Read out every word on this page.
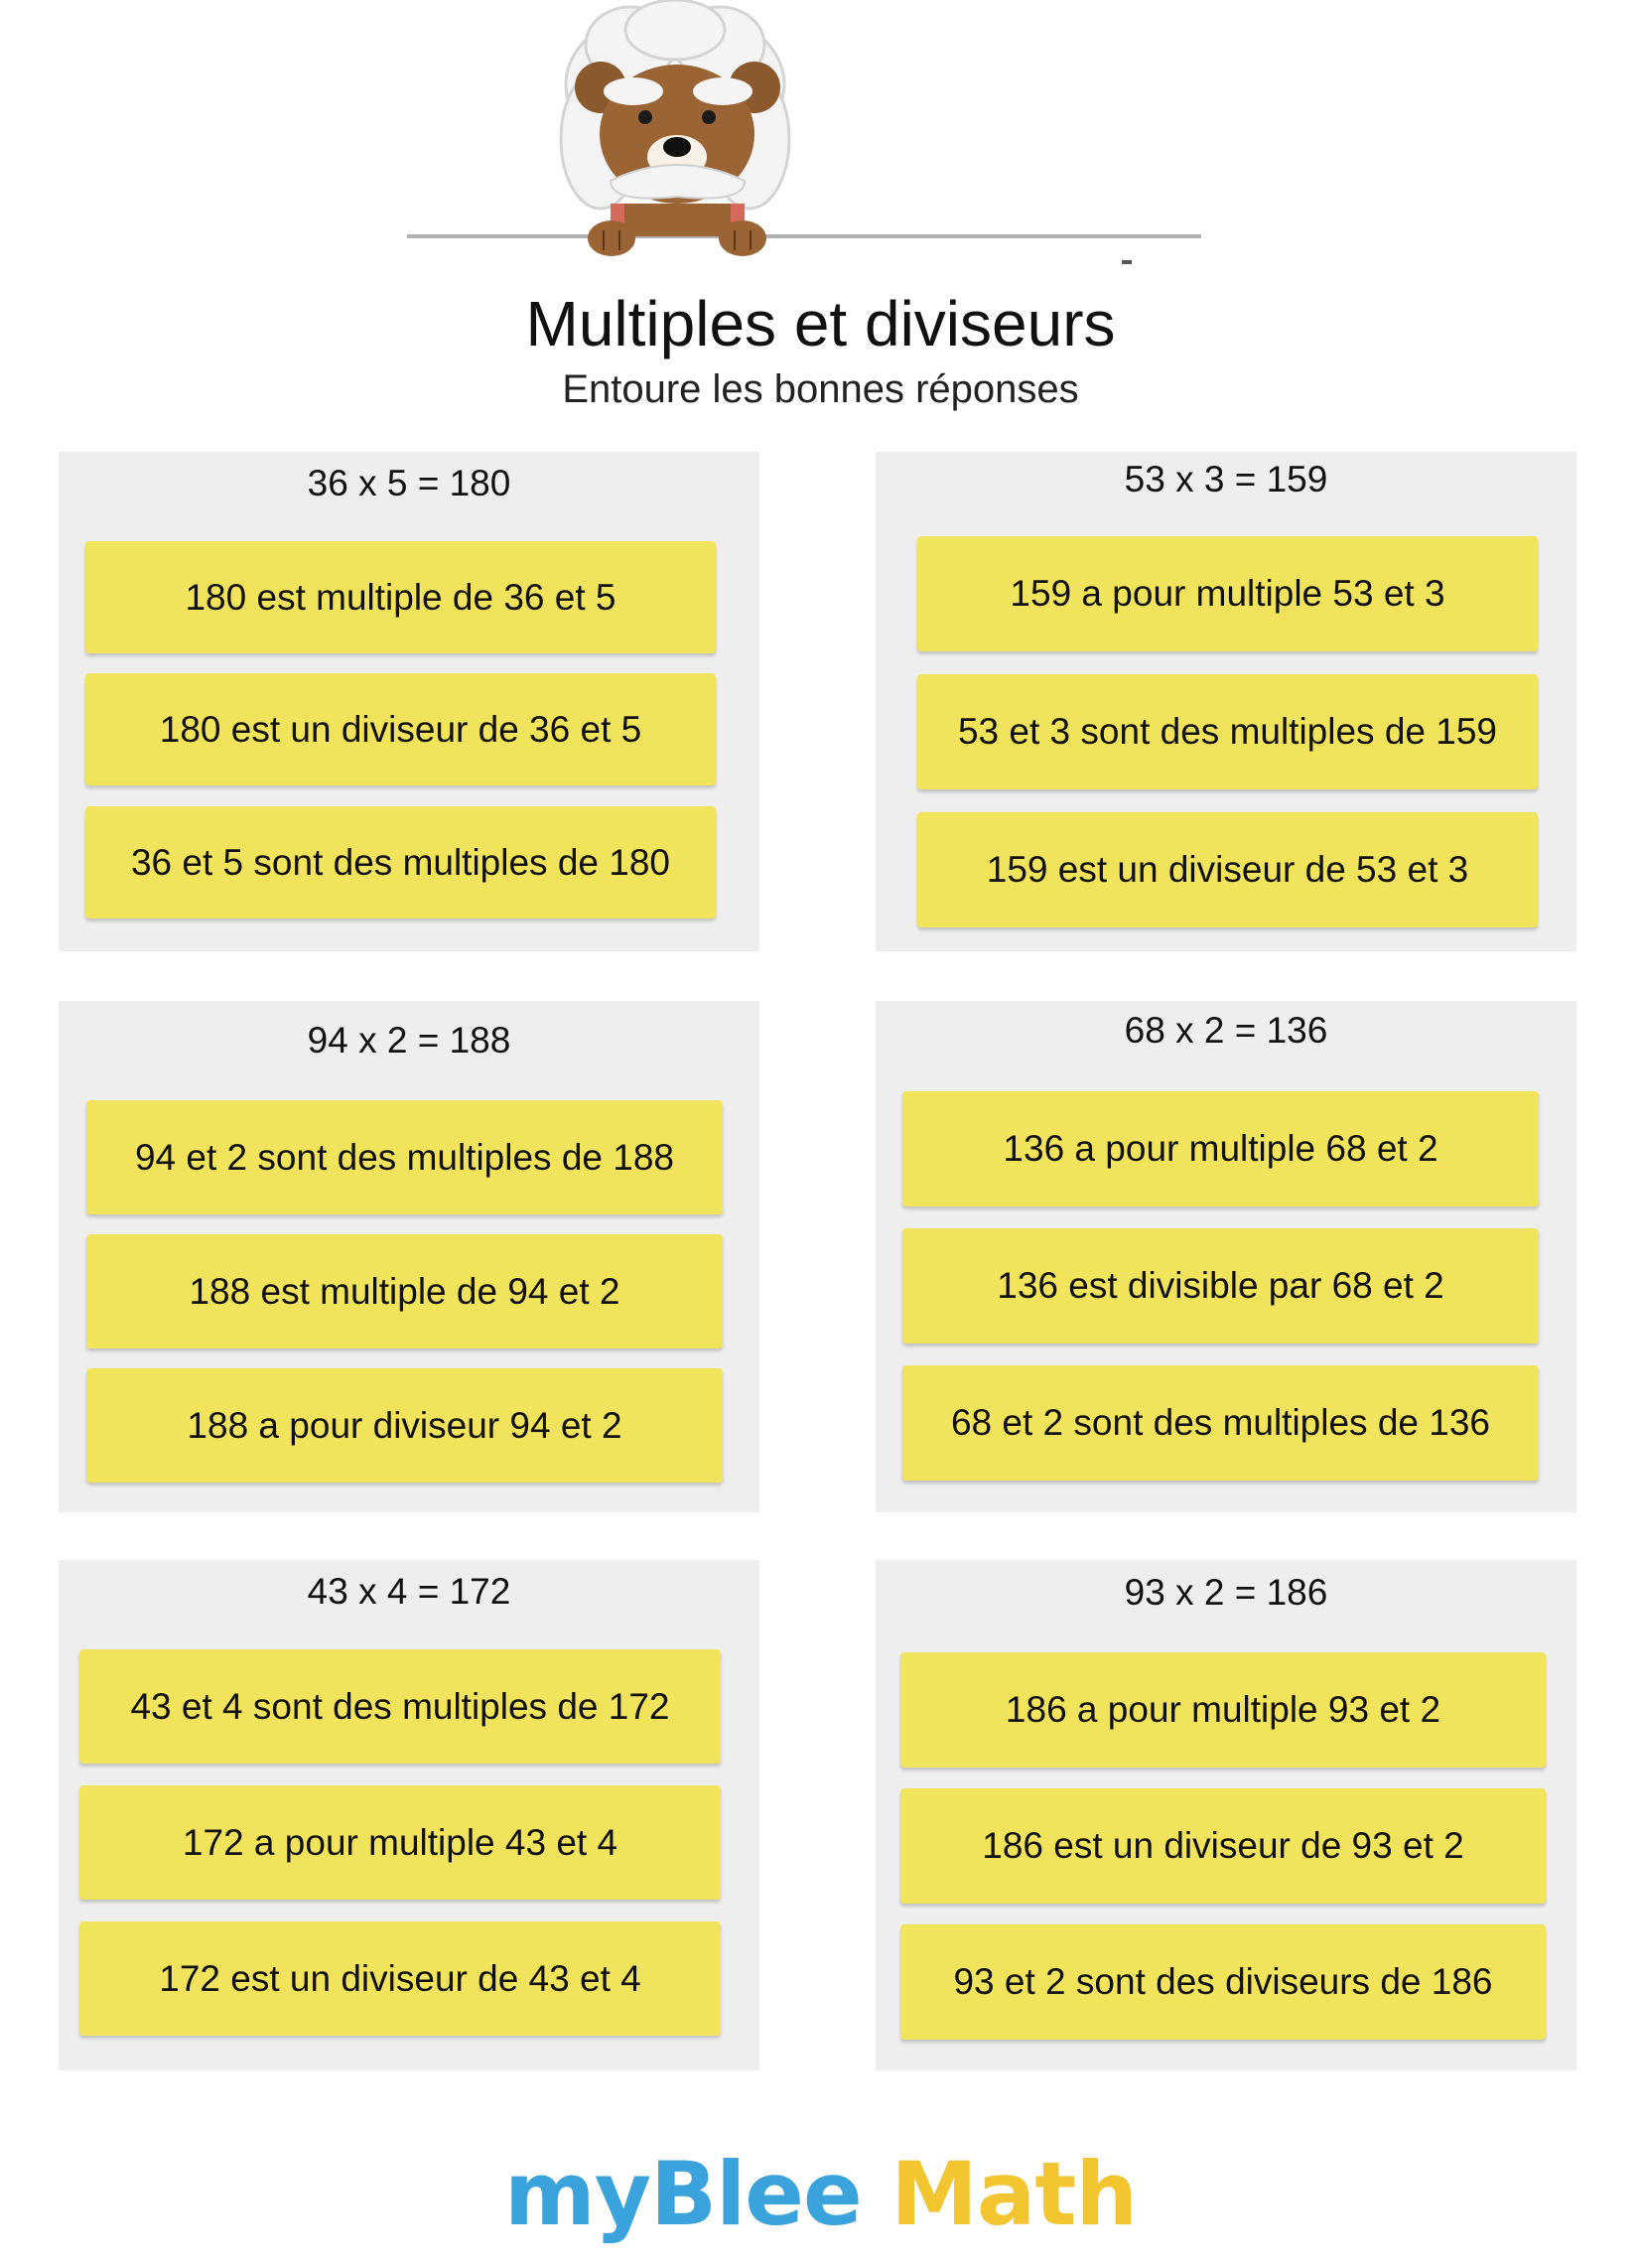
Multiples et diviseurs
Entoure les bonnes réponses
36 x 5 = 180
180 est multiple de 36 et 5
180 est un diviseur de 36 et 5
36 et 5 sont des multiples de 180
53 x 3 = 159
159 a pour multiple 53 et 3
53 et 3 sont des multiples de 159
159 est un diviseur de 53 et 3
94 x 2 = 188
94 et 2 sont des multiples de 188
188 est multiple de 94 et 2
188 a pour diviseur 94 et 2
68 x 2 = 136
136 a pour multiple 68 et 2
136 est divisible par 68 et 2
68 et 2 sont des multiples de 136
43 x 4 = 172
43 et 4 sont des multiples de 172
172 a pour multiple 43 et 4
172 est un diviseur de 43 et 4
93 x 2 = 186
186 a pour multiple 93 et 2
186 est un diviseur de 93 et 2
93 et 2 sont des diviseurs de 186
myBlee Math
